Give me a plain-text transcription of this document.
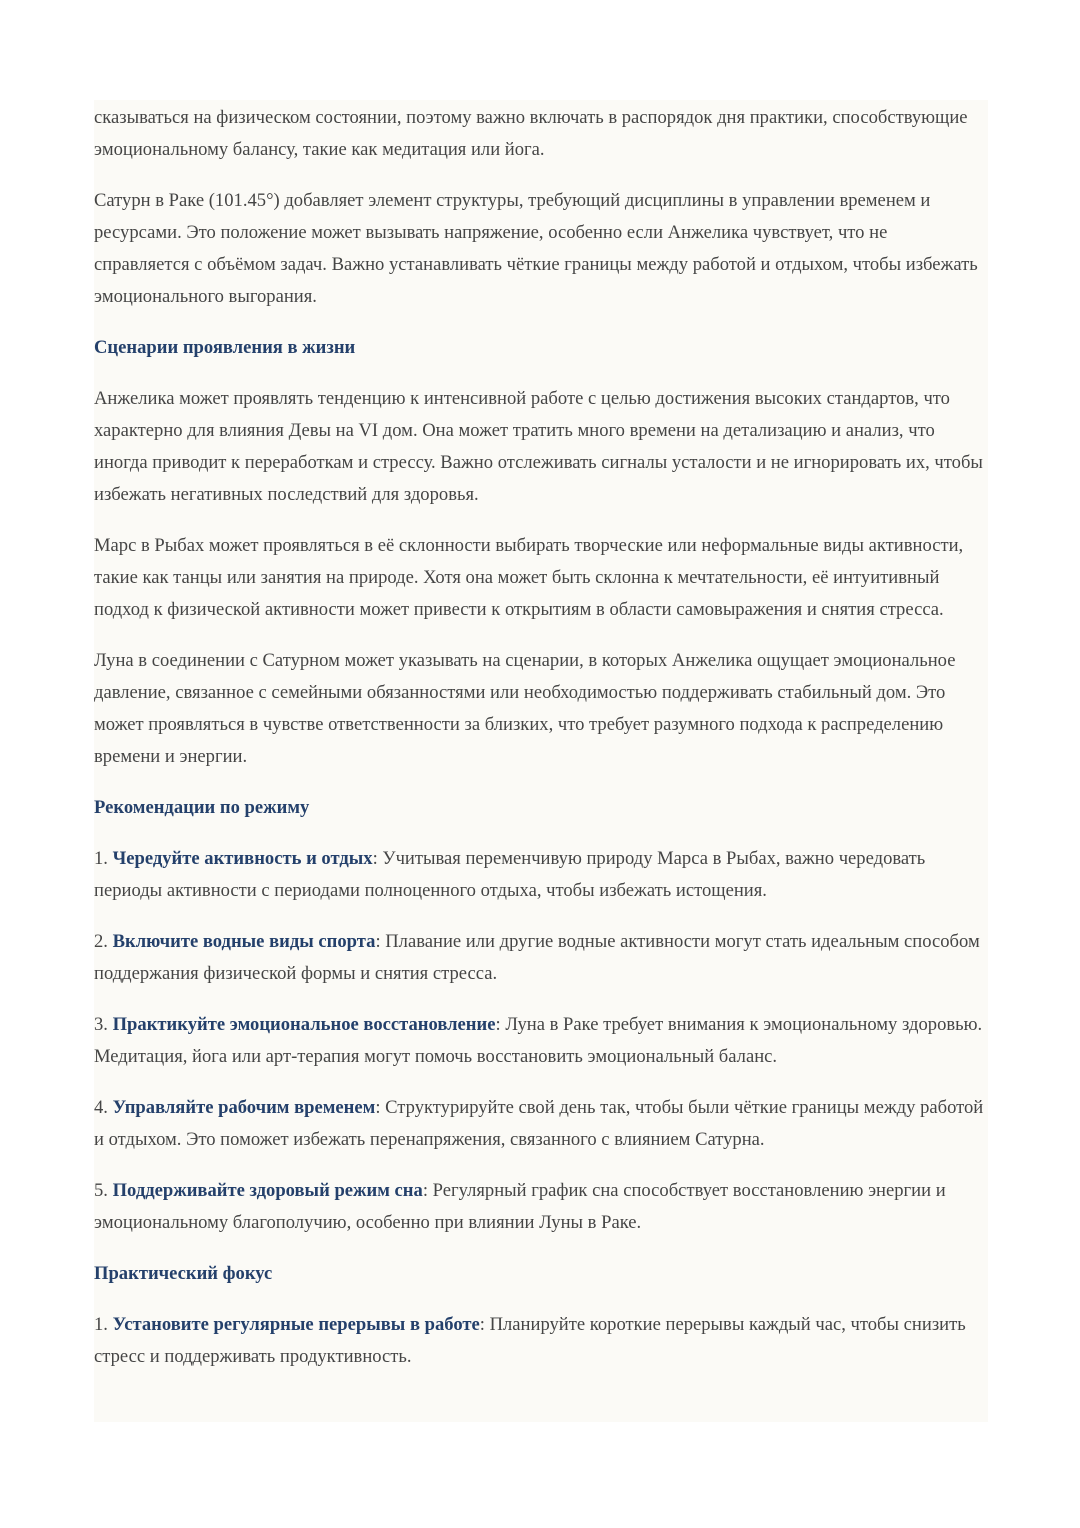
сказываться на физическом состоянии, поэтому важно включать в распорядок дня практики, способствующие эмоциональному балансу, такие как медитация или йога.

Сатурн в Раке (101.45°) добавляет элемент структуры, требующий дисциплины в управлении временем и ресурсами. Это положение может вызывать напряжение, особенно если Анжелика чувствует, что не справляется с объёмом задач. Важно устанавливать чёткие границы между работой и отдыхом, чтобы избежать эмоционального выгорания.

Сценарии проявления в жизни

Анжелика может проявлять тенденцию к интенсивной работе с целью достижения высоких стандартов, что характерно для влияния Девы на VI дом. Она может тратить много времени на детализацию и анализ, что иногда приводит к переработкам и стрессу. Важно отслеживать сигналы усталости и не игнорировать их, чтобы избежать негативных последствий для здоровья.

Марс в Рыбах может проявляться в её склонности выбирать творческие или неформальные виды активности, такие как танцы или занятия на природе. Хотя она может быть склонна к мечтательности, её интуитивный подход к физической активности может привести к открытиям в области самовыражения и снятия стресса.

Луна в соединении с Сатурном может указывать на сценарии, в которых Анжелика ощущает эмоциональное давление, связанное с семейными обязанностями или необходимостью поддерживать стабильный дом. Это может проявляться в чувстве ответственности за близких, что требует разумного подхода к распределению времени и энергии.

Рекомендации по режиму

1. Чередуйте активность и отдых: Учитывая переменчивую природу Марса в Рыбах, важно чередовать периоды активности с периодами полноценного отдыха, чтобы избежать истощения.

2. Включите водные виды спорта: Плавание или другие водные активности могут стать идеальным способом поддержания физической формы и снятия стресса.

3. Практикуйте эмоциональное восстановление: Луна в Раке требует внимания к эмоциональному здоровью. Медитация, йога или арт-терапия могут помочь восстановить эмоциональный баланс.

4. Управляйте рабочим временем: Структурируйте свой день так, чтобы были чёткие границы между работой и отдыхом. Это поможет избежать перенапряжения, связанного с влиянием Сатурна.

5. Поддерживайте здоровый режим сна: Регулярный график сна способствует восстановлению энергии и эмоциональному благополучию, особенно при влиянии Луны в Раке.

Практический фокус

1. Установите регулярные перерывы в работе: Планируйте короткие перерывы каждый час, чтобы снизить стресс и поддерживать продуктивность.
